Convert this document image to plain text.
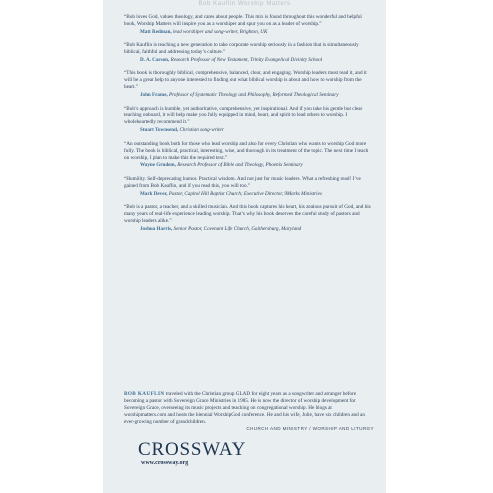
Bob Kauflin Worship Matters

“Bob loves God, values theology, and cares about people. This mix is found throughout this wonderful and helpful book, Worship Matters will inspire you as a worshiper and spur you on as a leader of worship.”

Matt Redman, lead worshiper and song-writer, Brighton, UK

“Bob Kauflin is teaching a new generation to take corporate worship seriously in a fashion that is simultaneously biblical, faithful and addressing today’s culture.”

D. A. Carson, Research Professor of New Testament, Trinity Evangelical Divinity School

“This book is thoroughly biblical, comprehensive, balanced, clear, and engaging. Worship leaders must read it, and it will be a great help to anyone interested to finding out what biblical worship is about and how to worship from the heart.”

John Frame, Professor of Systematic Theology and Philosophy, Reformed Theological Seminary

“Bob’s approach is humble, yet authoritative, comprehensive, yet inspirational. And if you take his gentle but clear teaching onboard, it will help make you fully equipped in mind, heart, and spirit to lead others to worship. I wholeheartedly recommend it.”

Stuart Townsend, Christian song-writer

“An outstanding book both for those who lead worship and also for every Christian who wants to worship God more fully. The book is biblical, practical, interesting, wise, and thorough in its treatment of the topic. The next time I teach on worship, I plan to make this the required text.”

Wayne Grudem, Research Professor of Bible and Theology, Phoenix Seminary

“Humility. Self-deprecating humor. Practical wisdom. And not just for music leaders. What a refreshing read! I’ve gained from Bob Kauflin, and if you read this, you will too.”

Mark Dever, Pastor, Capitol Hill Baptist Church; Executive Director, 9Marks Ministries

“Bob is a pastor, a teacher, and a skilled musician. And this book captures his heart, his zealous pursuit of God, and his many years of real-life experience leading worship. That’s why his book deserves the careful study of pastors and worship leaders alike.”

Joshua Harris, Senior Pastor, Covenant Life Church, Gaithersburg, Maryland

BOB KAUFLIN traveled with the Christian group GLAD for eight years as a songwriter and arranger before becoming a pastor with Sovereign Grace Ministries in 1985. He is now the director of worship development for Sovereign Grace, overseeing its music projects and teaching on congregational worship. He blogs at worshipmatters.com and hosts the biennial WorshipGod conference. He and his wife, Julie, have six children and an ever-growing number of grandchildren.

CHURCH AND MINISTRY / WORSHIP AND LITURGY
CROSSWAY
www.crossway.org
